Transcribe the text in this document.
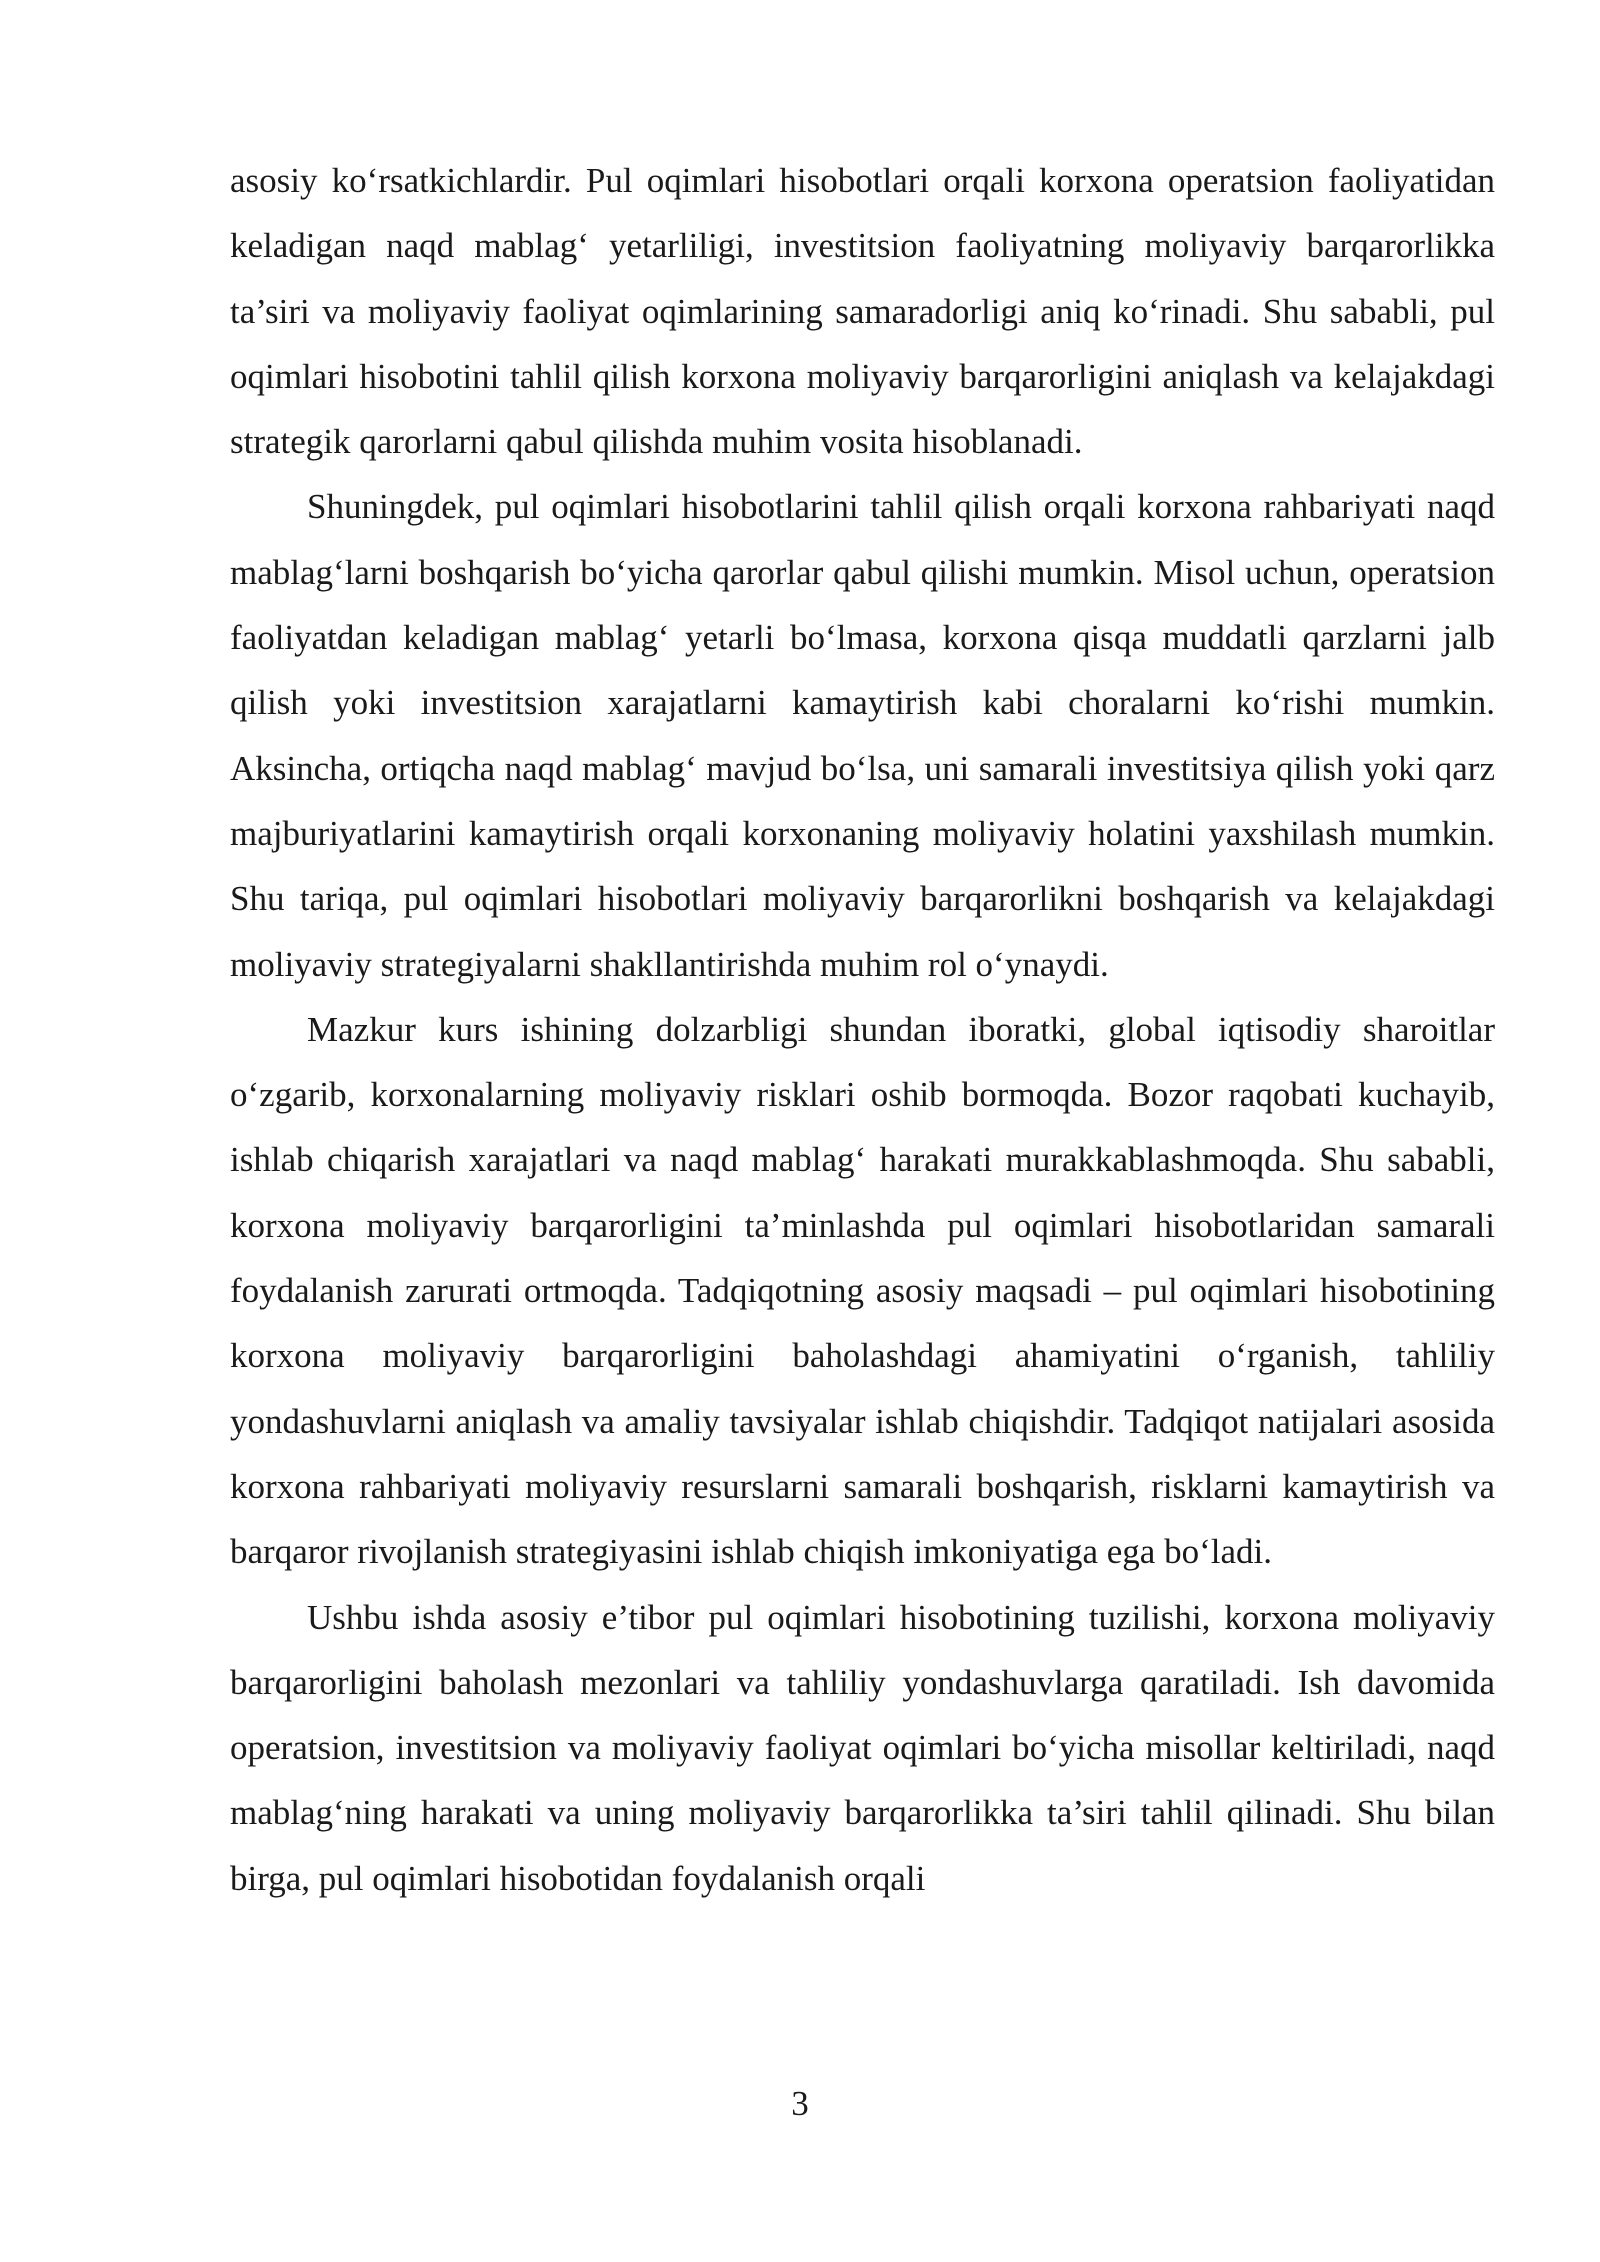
asosiy ko‘rsatkichlardir. Pul oqimlari hisobotlari orqali korxona operatsion faoliyatidan keladigan naqd mablag‘ yetarliligi, investitsion faoliyatning moliyaviy barqarorlikka ta’siri va moliyaviy faoliyat oqimlarining samaradorligi aniq ko‘rinadi. Shu sababli, pul oqimlari hisobotini tahlil qilish korxona moliyaviy barqarorligini aniqlash va kelajakdagi strategik qarorlarni qabul qilishda muhim vosita hisoblanadi.

Shuningdek, pul oqimlari hisobotlarini tahlil qilish orqali korxona rahbariyati naqd mablag‘larni boshqarish bo‘yicha qarorlar qabul qilishi mumkin. Misol uchun, operatsion faoliyatdan keladigan mablag‘ yetarli bo‘lmasa, korxona qisqa muddatli qarzlarni jalb qilish yoki investitsion xarajatlarni kamaytirish kabi choralarni ko‘rishi mumkin. Aksincha, ortiqcha naqd mablag‘ mavjud bo‘lsa, uni samarali investitsiya qilish yoki qarz majburiyatlarini kamaytirish orqali korxonaning moliyaviy holatini yaxshilash mumkin. Shu tariqa, pul oqimlari hisobotlari moliyaviy barqarorlikni boshqarish va kelajakdagi moliyaviy strategiyalarni shakllantirishda muhim rol o‘ynaydi.

Mazkur kurs ishining dolzarbligi shundan iboratki, global iqtisodiy sharoitlar o‘zgarib, korxonalarning moliyaviy risklari oshib bormoqda. Bozor raqobati kuchayib, ishlab chiqarish xarajatlari va naqd mablag‘ harakati murakkablashmoqda. Shu sababli, korxona moliyaviy barqarorligini ta’minlashda pul oqimlari hisobotlaridan samarali foydalanish zarurati ortmoqda. Tadqiqotning asosiy maqsadi – pul oqimlari hisobotining korxona moliyaviy barqarorligini baholashdagi ahamiyatini o‘rganish, tahliliy yondashuvlarni aniqlash va amaliy tavsiyalar ishlab chiqishdir. Tadqiqot natijalari asosida korxona rahbariyati moliyaviy resurslarni samarali boshqarish, risklarni kamaytirish va barqaror rivojlanish strategiyasini ishlab chiqish imkoniyatiga ega bo‘ladi.

Ushbu ishda asosiy e’tibor pul oqimlari hisobotining tuzilishi, korxona moliyaviy barqarorligini baholash mezonlari va tahliliy yondashuvlarga qaratiladi. Ish davomida operatsion, investitsion va moliyaviy faoliyat oqimlari bo‘yicha misollar keltiriladi, naqd mablag‘ning harakati va uning moliyaviy barqarorlikka ta’siri tahlil qilinadi. Shu bilan birga, pul oqimlari hisobotidan foydalanish orqali

3
